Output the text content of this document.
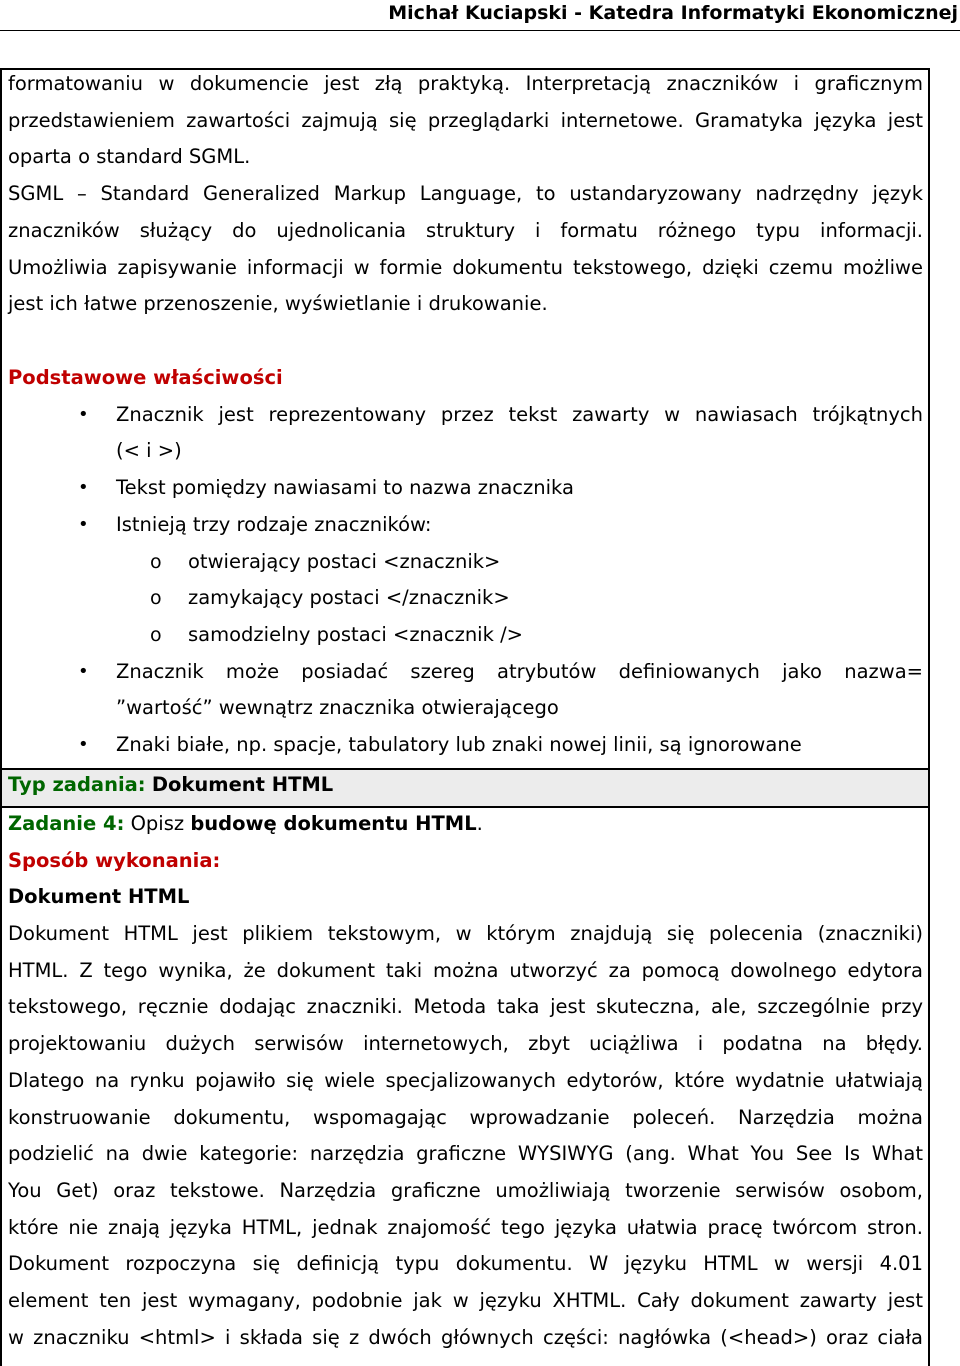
Michał Kuciapski - Katedra Informatyki Ekonomicznej
formatowaniu w dokumencie jest złą praktyką. Interpretacją znaczników i graficznym
przedstawieniem zawartości zajmują się przeglądarki internetowe. Gramatyka języka jest
oparta o standard SGML.
SGML – Standard Generalized Markup Language, to ustandaryzowany nadrzędny język
znaczników służący do ujednolicania struktury i formatu różnego typu informacji.
Umożliwia zapisywanie informacji w formie dokumentu tekstowego, dzięki czemu możliwe
jest ich łatwe przenoszenie, wyświetlanie i drukowanie.
Podstawowe właściwości
•	Znacznik jest reprezentowany przez tekst zawarty w nawiasach trójkątnych
(< i >)
•	Tekst pomiędzy nawiasami to nazwa znacznika
•	Istnieją trzy rodzaje znaczników:
o	otwierający postaci <znacznik>
o	zamykający postaci </znacznik>
o	samodzielny postaci <znacznik />
•	Znacznik może posiadać szereg atrybutów definiowanych jako nazwa=
”wartość” wewnątrz znacznika otwierającego
•	Znaki białe, np. spacje, tabulatory lub znaki nowej linii, są ignorowane
Typ zadania: Dokument HTML
Zadanie 4: Opisz budowę dokumentu HTML.
Sposób wykonania:
Dokument HTML
Dokument HTML jest plikiem tekstowym, w którym znajdują się polecenia (znaczniki)
HTML. Z tego wynika, że dokument taki można utworzyć za pomocą dowolnego edytora
tekstowego, ręcznie dodając znaczniki. Metoda taka jest skuteczna, ale, szczególnie przy
projektowaniu dużych serwisów internetowych, zbyt uciążliwa i podatna na błędy.
Dlatego na rynku pojawiło się wiele specjalizowanych edytorów, które wydatnie ułatwiają
konstruowanie dokumentu, wspomagając wprowadzanie poleceń. Narzędzia można
podzielić na dwie kategorie: narzędzia graficzne WYSIWYG (ang. What You See Is What
You Get) oraz tekstowe. Narzędzia graficzne umożliwiają tworzenie serwisów osobom,
które nie znają języka HTML, jednak znajomość tego języka ułatwia pracę twórcom stron.
Dokument rozpoczyna się definicją typu dokumentu. W języku HTML w wersji 4.01
element ten jest wymagany, podobnie jak w języku XHTML. Cały dokument zawarty jest
w znaczniku <html> i składa się z dwóch głównych części: nagłówka (<head>) oraz ciała
